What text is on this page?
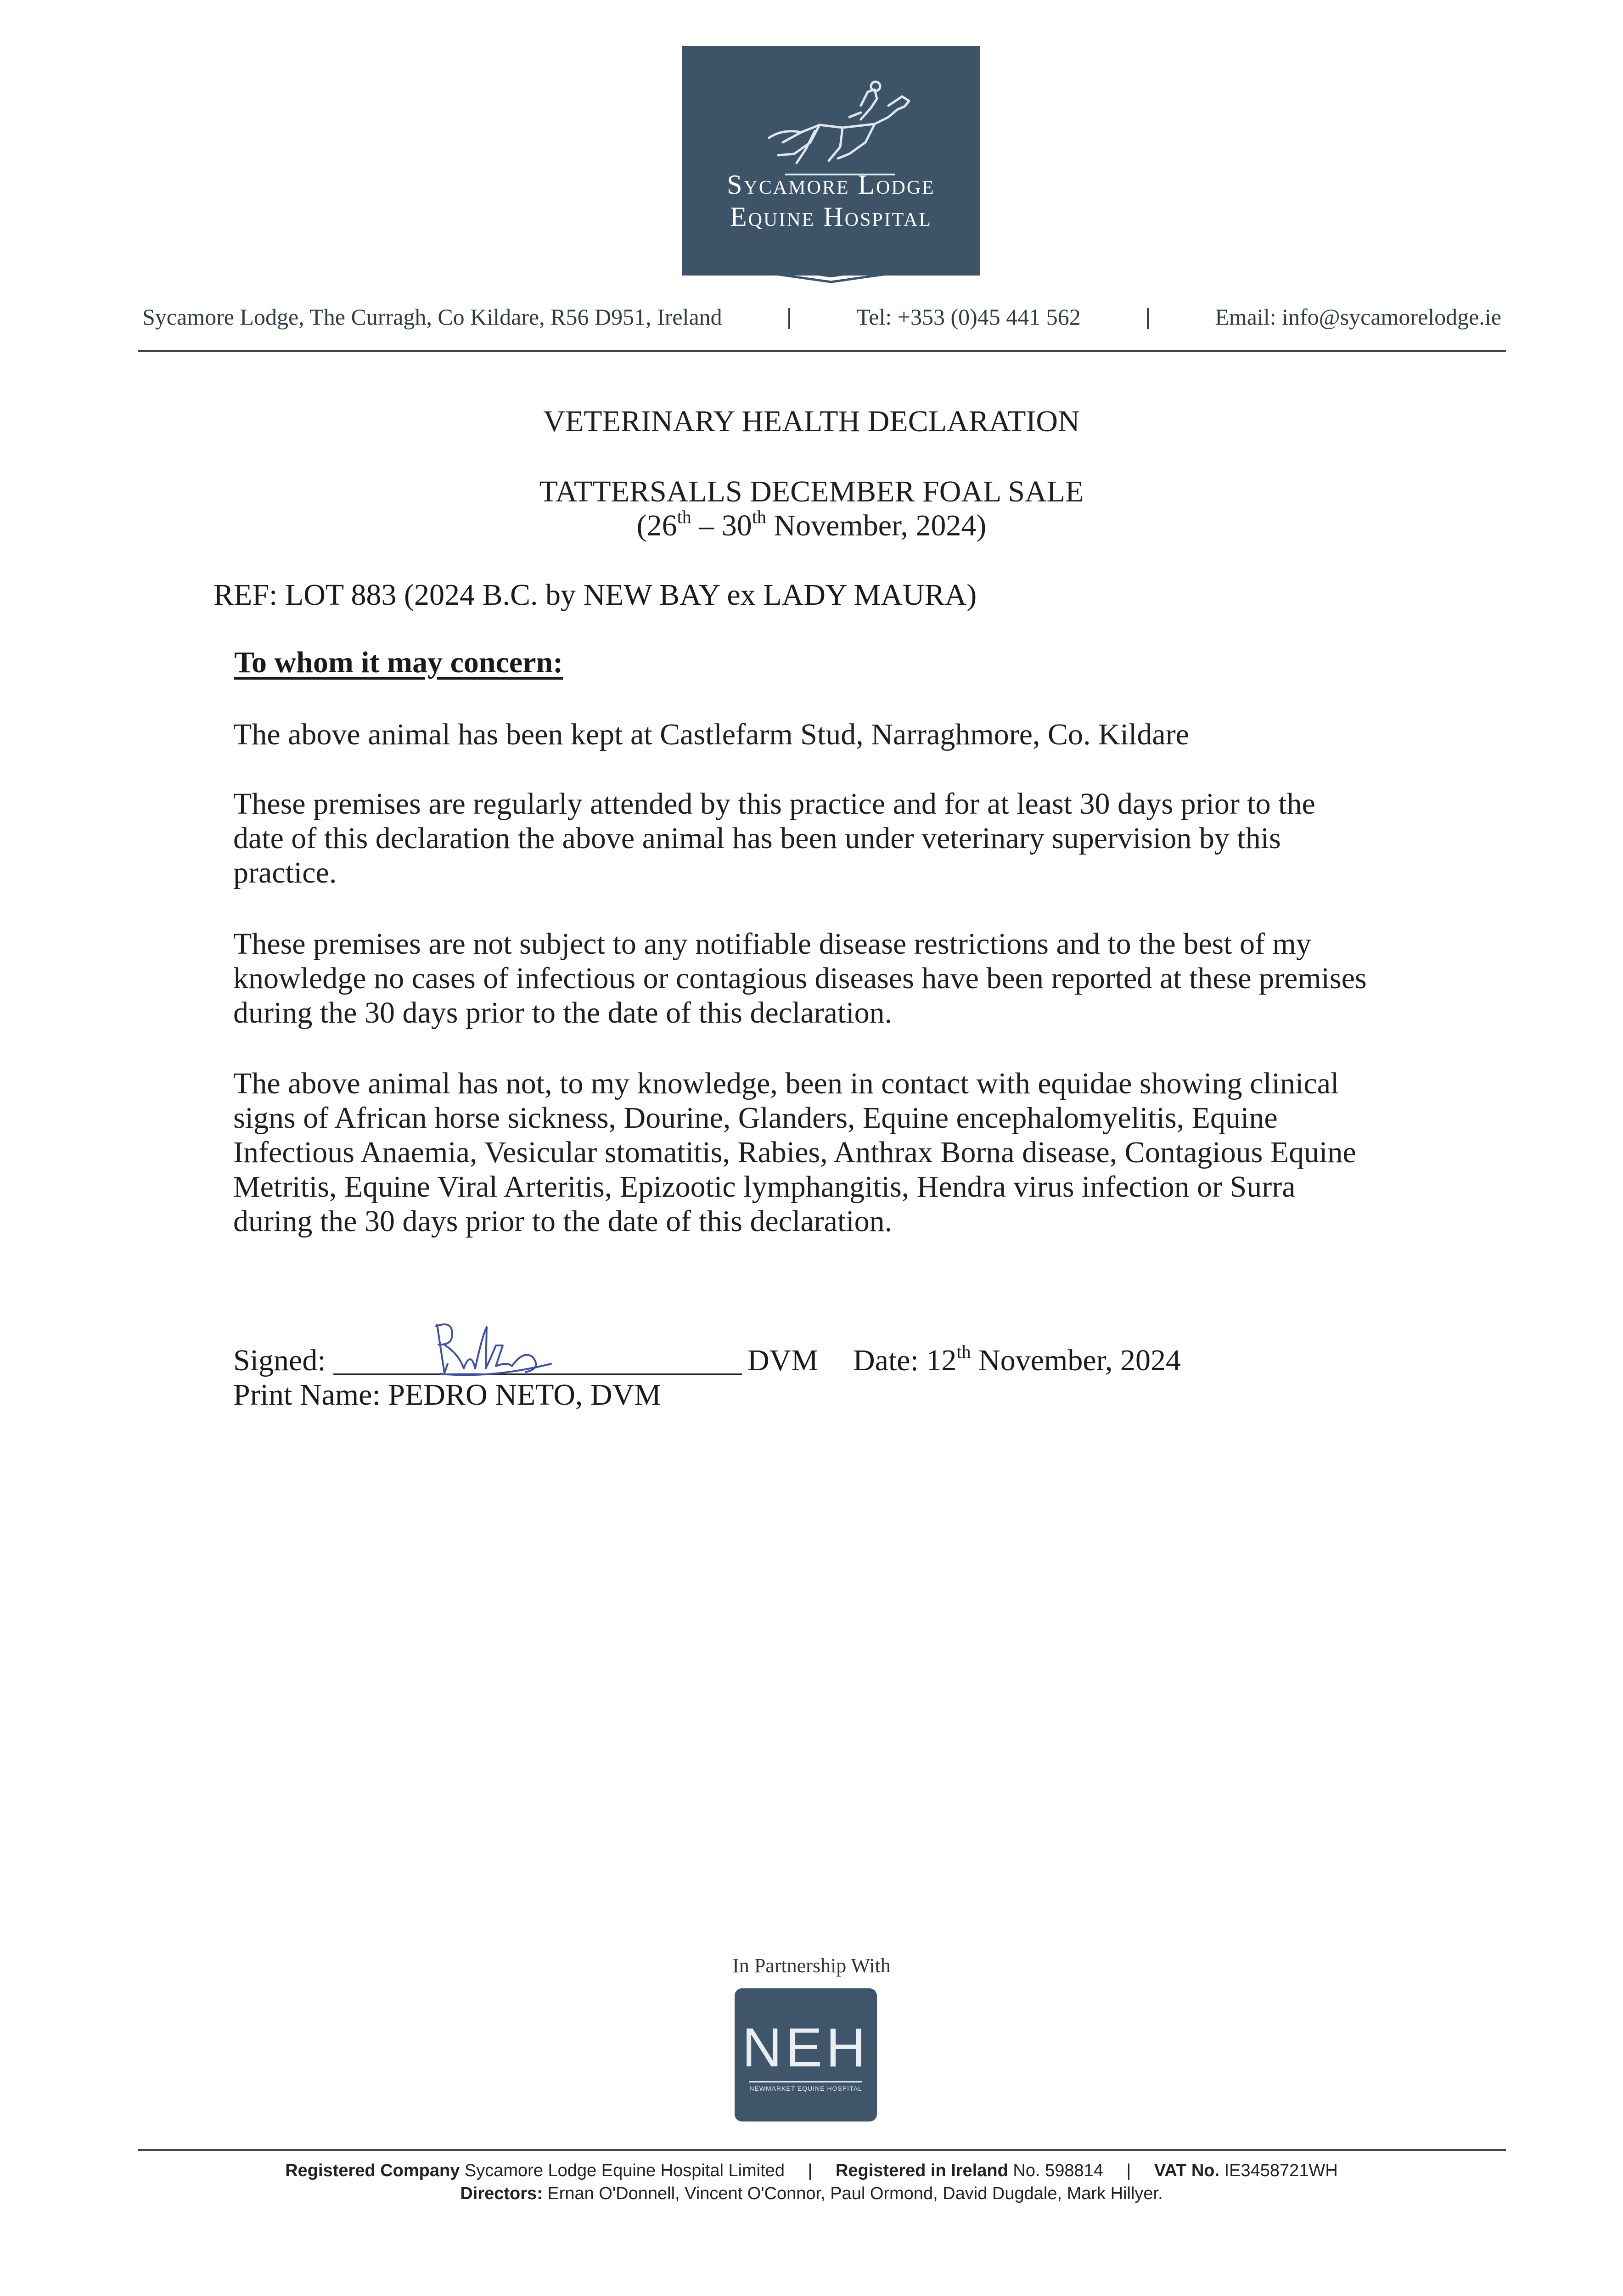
Sycamore Lodge
Equine Hospital
Sycamore Lodge, The Curragh, Co Kildare, R56 D951, Ireland	|	Tel: +353 (0)45 441 562	|	Email: info@sycamorelodge.ie
VETERINARY HEALTH DECLARATION
TATTERSALLS DECEMBER FOAL SALE
(26th – 30th November, 2024)
REF: LOT 883 (2024 B.C. by NEW BAY ex LADY MAURA)
To whom it may concern:
The above animal has been kept at Castlefarm Stud, Narraghmore, Co. Kildare
These premises are regularly attended by this practice and for at least 30 days prior to the
date of this declaration the above animal has been under veterinary supervision by this
practice.
These premises are not subject to any notifiable disease restrictions and to the best of my
knowledge no cases of infectious or contagious diseases have been reported at these premises
during the 30 days prior to the date of this declaration.
The above animal has not, to my knowledge, been in contact with equidae showing clinical
signs of African horse sickness, Dourine, Glanders, Equine encephalomyelitis, Equine
Infectious Anaemia, Vesicular stomatitis, Rabies, Anthrax Borna disease, Contagious Equine
Metritis, Equine Viral Arteritis, Epizootic lymphangitis, Hendra virus infection or Surra
during the 30 days prior to the date of this declaration.
Signed:	DVM Date: 12th November, 2024
Print Name: PEDRO NETO, DVM
In Partnership With
NEH
NEWMARKET EQUINE HOSPITAL
Registered Company Sycamore Lodge Equine Hospital Limited | Registered in Ireland No. 598814 | VAT No. IE3458721WH
Directors: Ernan O'Donnell, Vincent O'Connor, Paul Ormond, David Dugdale, Mark Hillyer.
